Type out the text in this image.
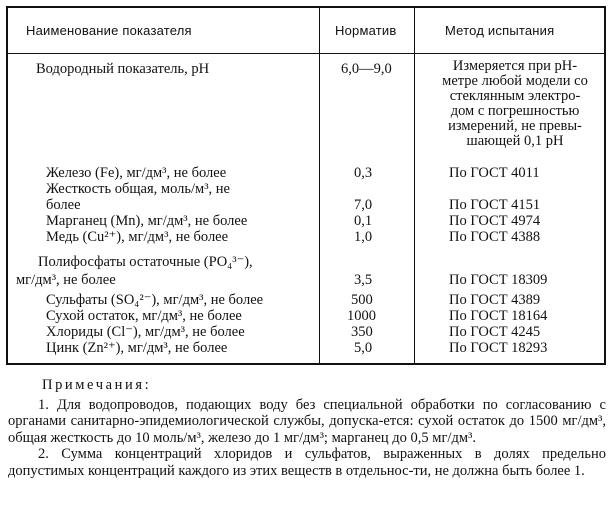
Наименование показателя	Норматив	Метод испытания
Водородный показатель, pH	6,0—9,0	Измеряется при pH-
метре любой модели со
стеклянным электро-
дом с погрешностью
измерений, не превы-
шающей 0,1 pH
Железо (Fe), мг/дм³, не более	0,3	По ГОСТ 4011
Жесткость общая, моль/м³, не
более	7,0	По ГОСТ 4151
Марганец (Mn), мг/дм³, не более	0,1	По ГОСТ 4974
Медь (Cu²⁺), мг/дм³, не более	1,0	По ГОСТ 4388
Полифосфаты остаточные (PO₄³⁻),
мг/дм³, не более	3,5	По ГОСТ 18309
Сульфаты (SO₄²⁻), мг/дм³, не более	500	По ГОСТ 4389
Сухой остаток, мг/дм³, не более	1000	По ГОСТ 18164
Хлориды (Cl⁻), мг/дм³, не более	350	По ГОСТ 4245
Цинк (Zn²⁺), мг/дм³, не более	5,0	По ГОСТ 18293
Примечания:

1. Для водопроводов, подающих воду без специальной обработки по согласованию с органами санитарно-эпидемиологической службы, допуска-ется: сухой остаток до 1500 мг/дм³, общая жесткость до 10 моль/м³, железо до 1 мг/дм³; марганец до 0,5 мг/дм³.

2. Сумма концентраций хлоридов и сульфатов, выраженных в долях предельно допустимых концентраций каждого из этих веществ в отдельнос-ти, не должна быть более 1.
